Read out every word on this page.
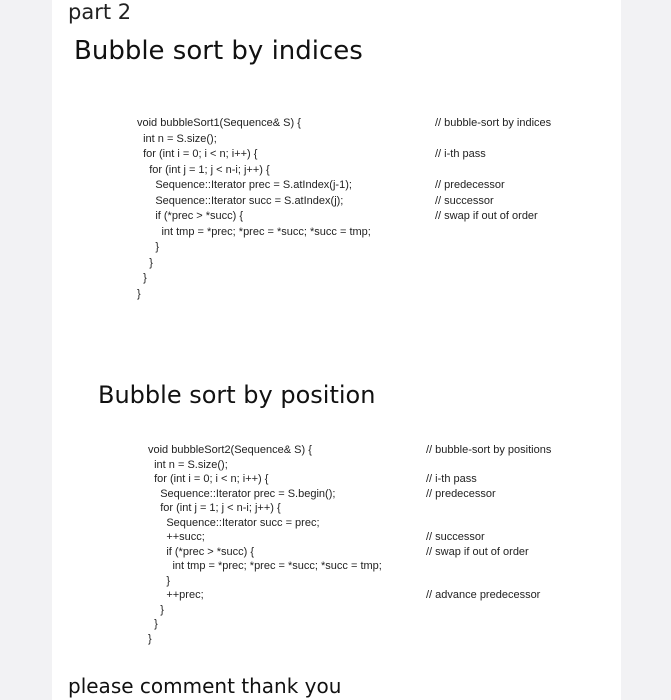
part 2
Bubble sort by indices
void bubbleSort1(Sequence& S) {	// bubble-sort by indices
int n = S.size();
for (int i = 0; i < n; i++) {	// i-th pass
for (int j = 1; j < n-i; j++) {
Sequence::Iterator prec = S.atIndex(j-1);	// predecessor
Sequence::Iterator succ = S.atIndex(j);	// successor
if (*prec > *succ) {	// swap if out of order
int tmp = *prec; *prec = *succ; *succ = tmp;
}
}
}
}
Bubble sort by position
void bubbleSort2(Sequence& S) {	// bubble-sort by positions
int n = S.size();
for (int i = 0; i < n; i++) {	// i-th pass
Sequence::Iterator prec = S.begin();	// predecessor
for (int j = 1; j < n-i; j++) {
Sequence::Iterator succ = prec;
++succ;	// successor
if (*prec > *succ) {	// swap if out of order
int tmp = *prec; *prec = *succ; *succ = tmp;
}
++prec;	// advance predecessor
}
}
}
please comment thank you
